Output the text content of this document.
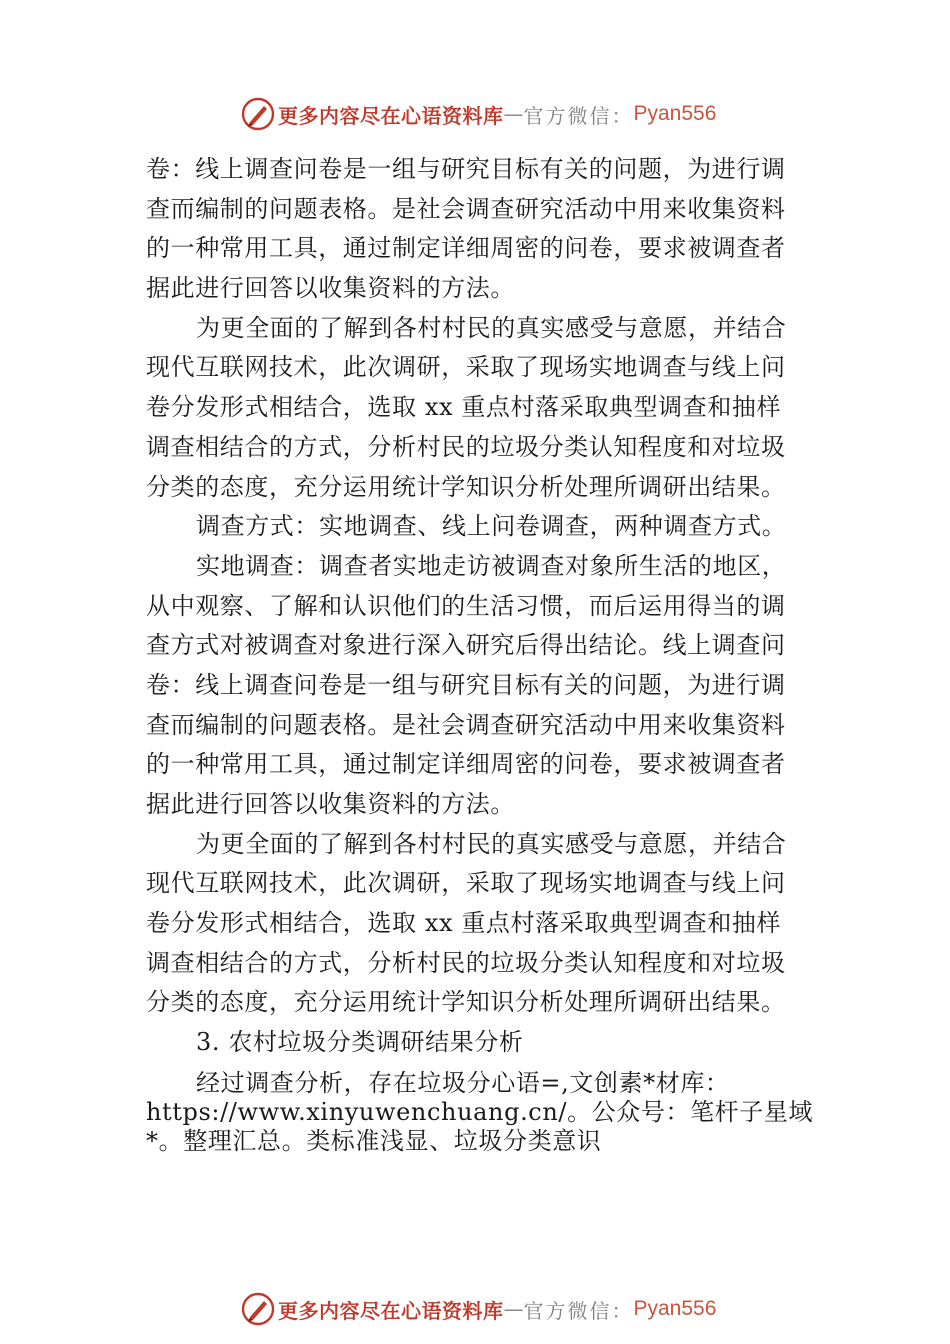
更多内容尽在心语资料库 — 官方微信： Pyan556
卷：线上调查问卷是一组与研究目标有关的问题，为进行调
查而编制的问题表格。是社会调查研究活动中用来收集资料
的一种常用工具，通过制定详细周密的问卷，要求被调查者
据此进行回答以收集资料的方法。
为更全面的了解到各村村民的真实感受与意愿，并结合
现代互联网技术，此次调研，采取了现场实地调查与线上问
卷分发形式相结合，选取 xx 重点村落采取典型调查和抽样
调查相结合的方式，分析村民的垃圾分类认知程度和对垃圾
分类的态度，充分运用统计学知识分析处理所调研出结果。
调查方式：实地调查、线上问卷调查，两种调查方式。
实地调查：调查者实地走访被调查对象所生活的地区，
从中观察、了解和认识他们的生活习惯，而后运用得当的调
查方式对被调查对象进行深入研究后得出结论。线上调查问
卷：线上调查问卷是一组与研究目标有关的问题，为进行调
查而编制的问题表格。是社会调查研究活动中用来收集资料
的一种常用工具，通过制定详细周密的问卷，要求被调查者
据此进行回答以收集资料的方法。
为更全面的了解到各村村民的真实感受与意愿，并结合
现代互联网技术，此次调研，采取了现场实地调查与线上问
卷分发形式相结合，选取 xx 重点村落采取典型调查和抽样
调查相结合的方式，分析村民的垃圾分类认知程度和对垃圾
分类的态度，充分运用统计学知识分析处理所调研出结果。
3. 农村垃圾分类调研结果分析
经过调查分析，存在垃圾分心语=,文创素*材库：
https://www.xinyuwenchuang.cn/。公众号：笔杆子星域
*。整理汇总。类标准浅显、垃圾分类意识
更多内容尽在心语资料库 — 官方微信： Pyan556
